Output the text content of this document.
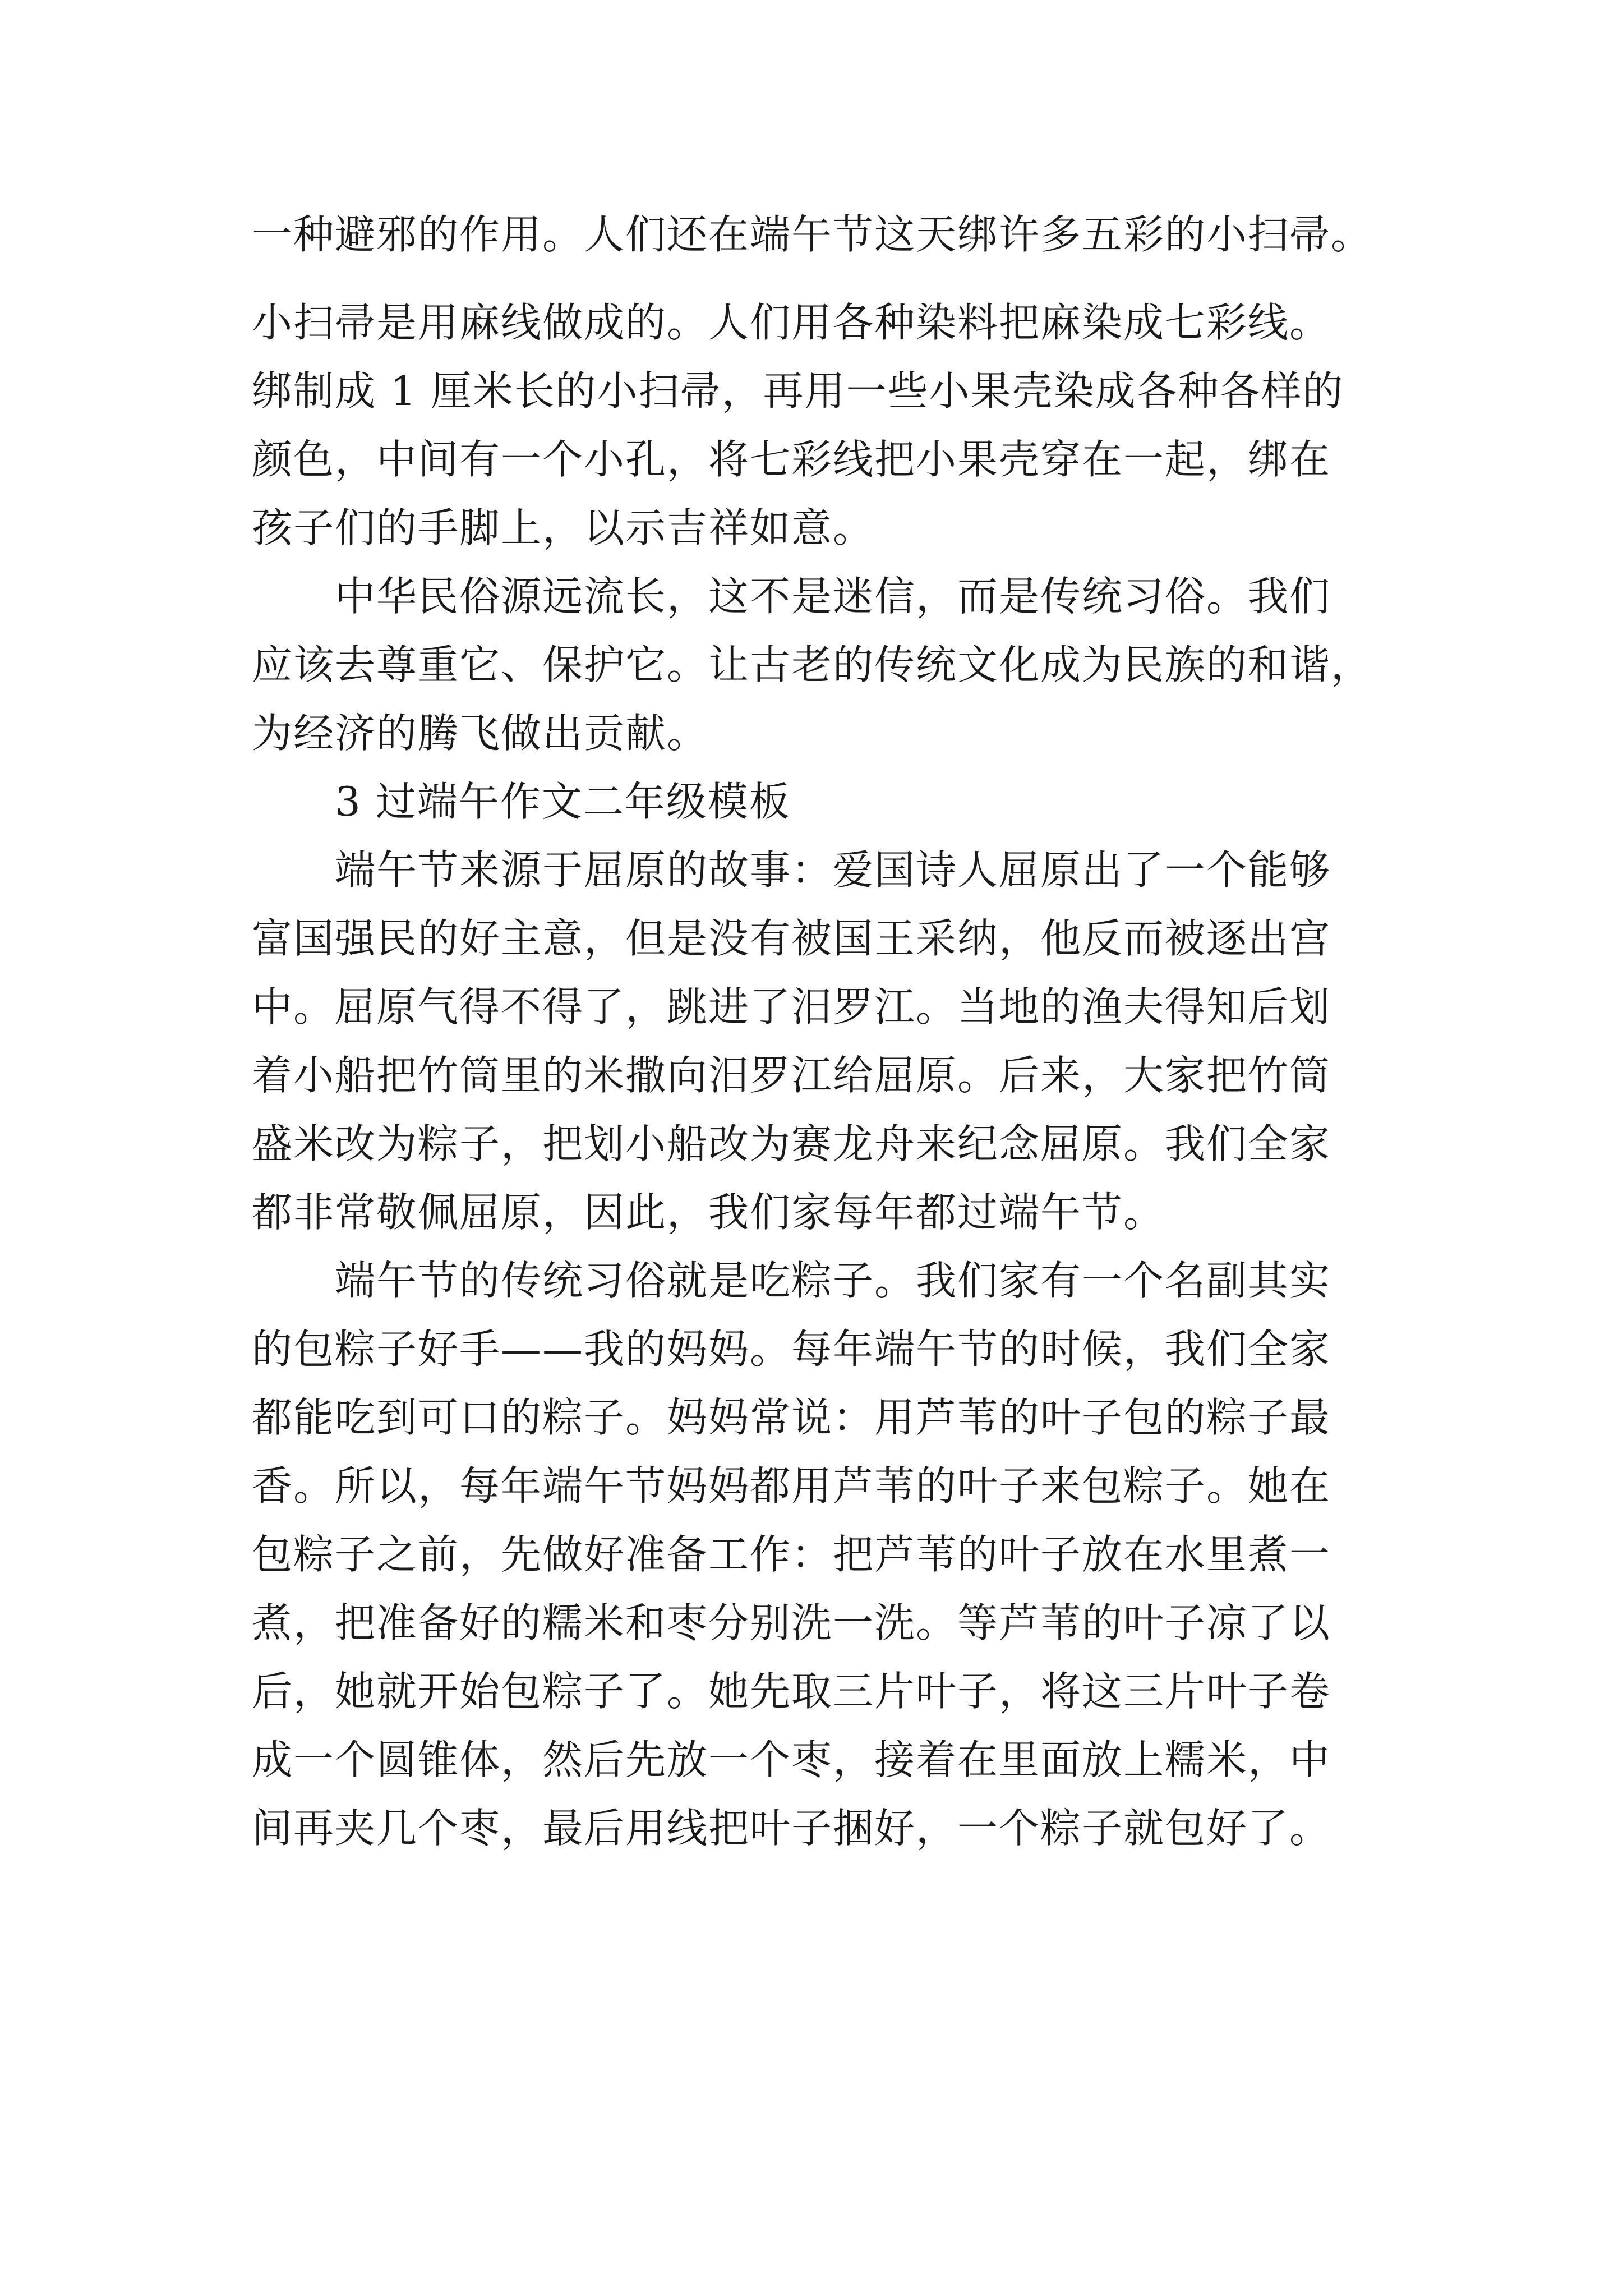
一种避邪的作用。人们还在端午节这天绑许多五彩的小扫帚。
小扫帚是用麻线做成的。人们用各种染料把麻染成七彩线。
绑制成 1 厘米长的小扫帚，再用一些小果壳染成各种各样的
颜色，中间有一个小孔，将七彩线把小果壳穿在一起，绑在
孩子们的手脚上，以示吉祥如意。
中华民俗源远流长，这不是迷信，而是传统习俗。我们
应该去尊重它、保护它。让古老的传统文化成为民族的和谐，
为经济的腾飞做出贡献。
3 过端午作文二年级模板
端午节来源于屈原的故事：爱国诗人屈原出了一个能够
富国强民的好主意，但是没有被国王采纳，他反而被逐出宫
中。屈原气得不得了，跳进了汨罗江。当地的渔夫得知后划
着小船把竹筒里的米撒向汨罗江给屈原。后来，大家把竹筒
盛米改为粽子，把划小船改为赛龙舟来纪念屈原。我们全家
都非常敬佩屈原，因此，我们家每年都过端午节。
端午节的传统习俗就是吃粽子。我们家有一个名副其实
的包粽子好手——我的妈妈。每年端午节的时候，我们全家
都能吃到可口的粽子。妈妈常说：用芦苇的叶子包的粽子最
香。所以，每年端午节妈妈都用芦苇的叶子来包粽子。她在
包粽子之前，先做好准备工作：把芦苇的叶子放在水里煮一
煮，把准备好的糯米和枣分别洗一洗。等芦苇的叶子凉了以
后，她就开始包粽子了。她先取三片叶子，将这三片叶子卷
成一个圆锥体，然后先放一个枣，接着在里面放上糯米，中
间再夹几个枣，最后用线把叶子捆好，一个粽子就包好了。
